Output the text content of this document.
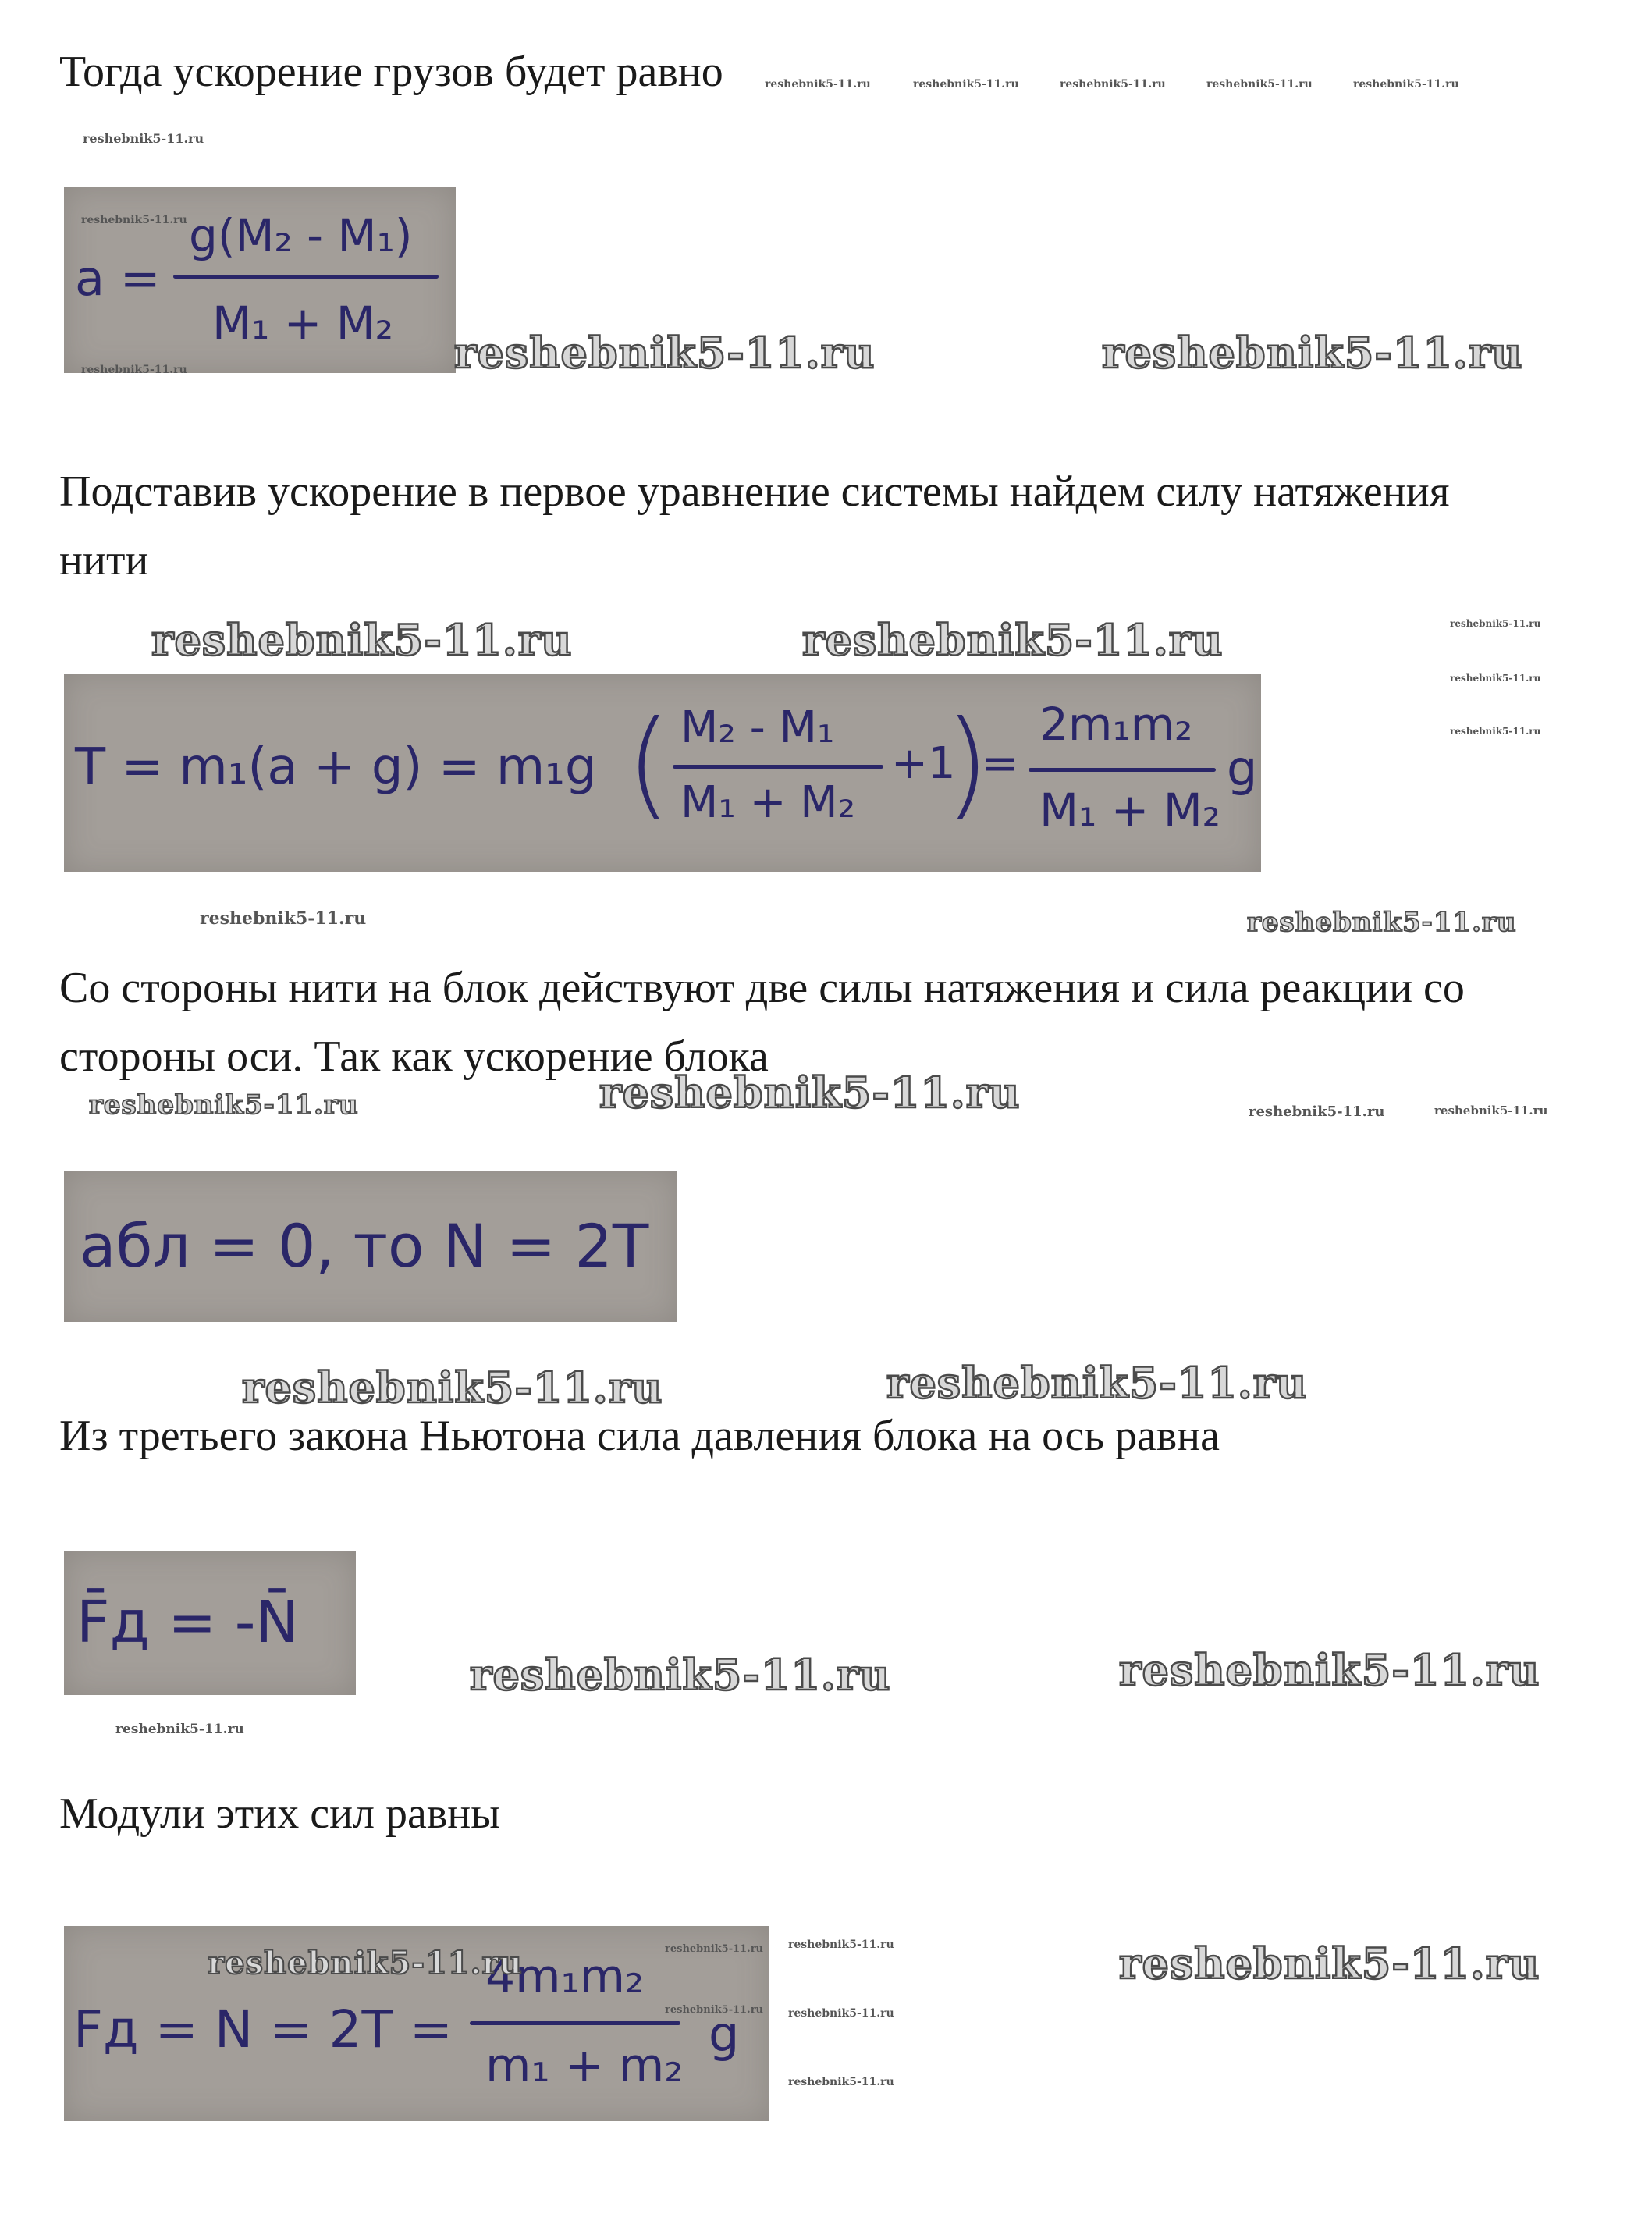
Тогда ускорение грузов будет равно

a =
g(M₂ - M₁)
M₁ + M₂
reshebnik5-11.ru
reshebnik5-11.ru

Подставив ускорение в первое уравнение системы найдем силу натяжения

нити

T = m₁(a + g) = m₁g ( M₂ - M₁
M₁ + M₂
+1
)
=
2m₁m₂
M₁ + M₂
g

Со стороны нити на блок действуют две силы натяжения и сила реакции со

стороны оси. Так как ускорение блока

aбл = 0, то N = 2T

Из третьего закона Ньютона сила давления блока на ось равна

F̄д = -N̄

Модули этих сил равны

Fд = N = 2T =
4m₁m₂
m₁ + m₂
g
reshebnik5-11.ru	reshebnik5-11.ru
reshebnik5-11.ru
reshebnik5-11.ru	reshebnik5-11.ru	reshebnik5-11.ru	reshebnik5-11.ru	reshebnik5-11.ru
reshebnik5-11.ru
reshebnik5-11.ru	reshebnik5-11.ru
reshebnik5-11.ru	reshebnik5-11.ru
reshebnik5-11.ru
reshebnik5-11.ru	reshebnik5-11.ru
reshebnik5-11.ru	reshebnik5-11.ru
reshebnik5-11.ru	reshebnik5-11.ru
reshebnik5-11.ru
reshebnik5-11.ru
reshebnik5-11.ru
reshebnik5-11.ru
reshebnik5-11.ru
reshebnik5-11.ru	reshebnik5-11.ru
reshebnik5-11.ru
reshebnik5-11.ru
reshebnik5-11.ru
reshebnik5-11.ru
